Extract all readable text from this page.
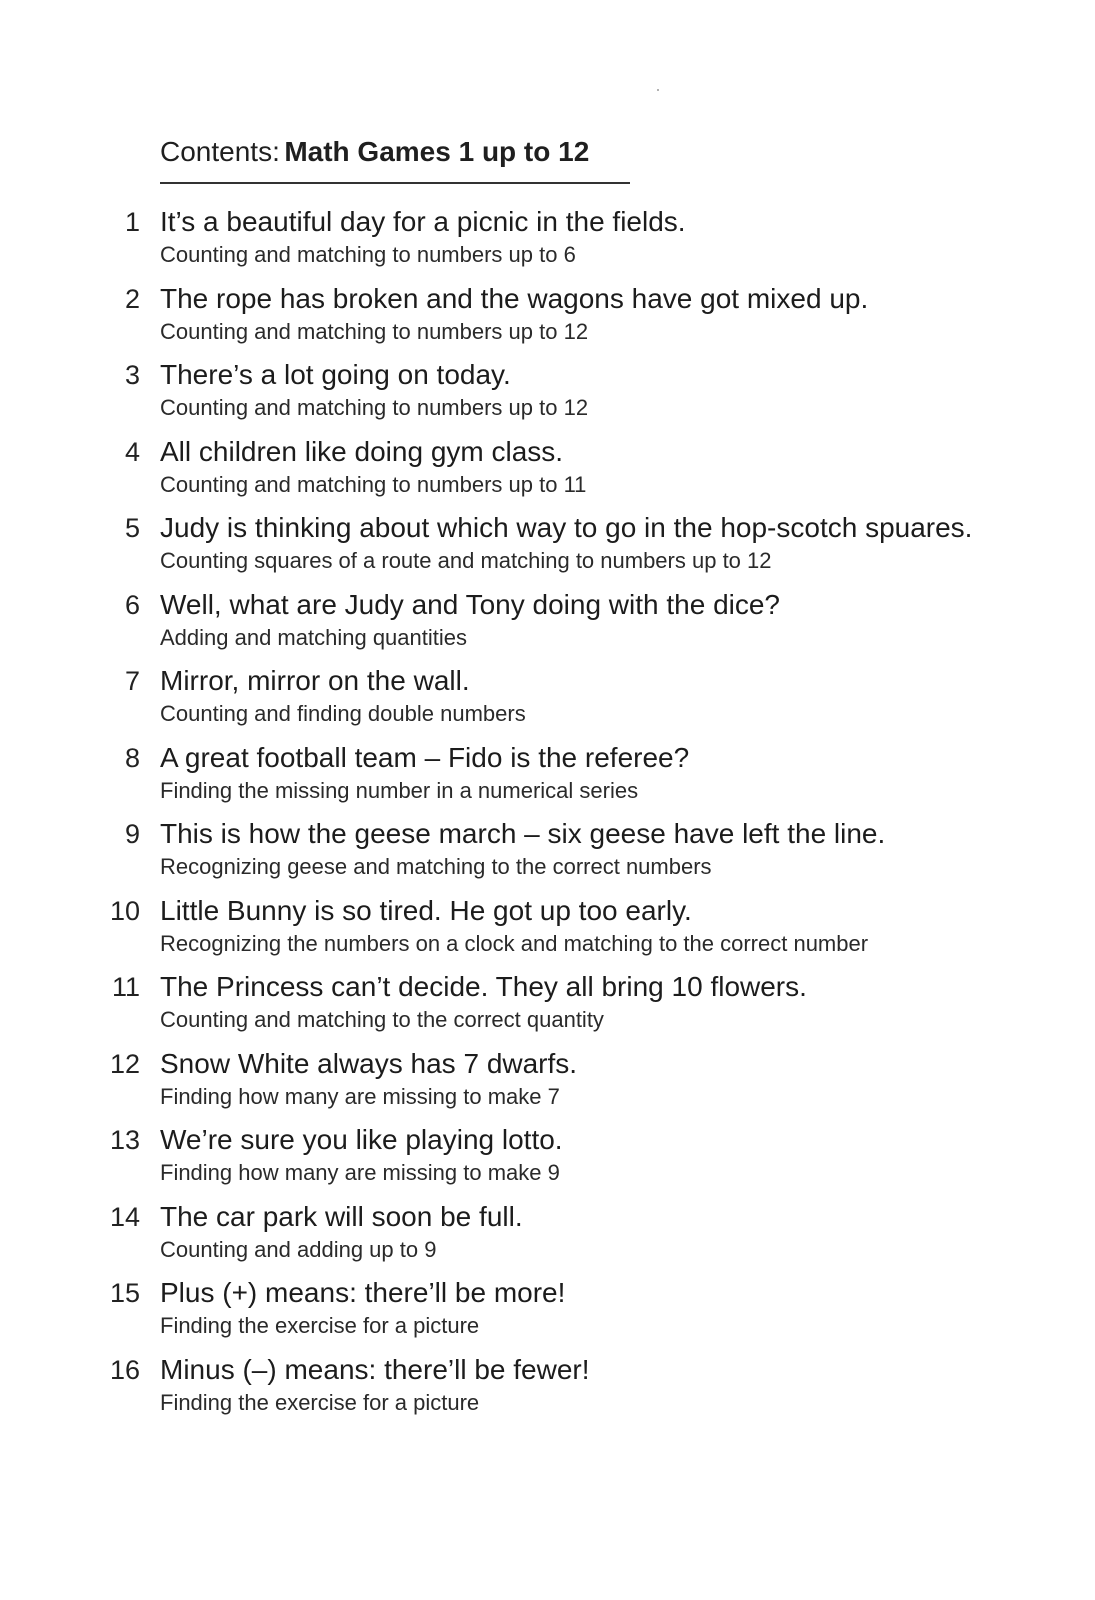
Contents: Math Games 1 up to 12
1 It’s a beautiful day for a picnic in the fields.
Counting and matching to numbers up to 6
2 The rope has broken and the wagons have got mixed up.
Counting and matching to numbers up to 12
3 There’s a lot going on today.
Counting and matching to numbers up to 12
4 All children like doing gym class.
Counting and matching to numbers up to 11
5 Judy is thinking about which way to go in the hop-scotch spuares.
Counting squares of a route and matching to numbers up to 12
6 Well, what are Judy and Tony doing with the dice?
Adding and matching quantities
7 Mirror, mirror on the wall.
Counting and finding double numbers
8 A great football team – Fido is the referee?
Finding the missing number in a numerical series
9 This is how the geese march – six geese have left the line.
Recognizing geese and matching to the correct numbers
10 Little Bunny is so tired. He got up too early.
Recognizing the numbers on a clock and matching to the correct number
11 The Princess can’t decide. They all bring 10 flowers.
Counting and matching to the correct quantity
12 Snow White always has 7 dwarfs.
Finding how many are missing to make 7
13 We’re sure you like playing lotto.
Finding how many are missing to make 9
14 The car park will soon be full.
Counting and adding up to 9
15 Plus (+) means: there’ll be more!
Finding the exercise for a picture
16 Minus (–) means: there’ll be fewer!
Finding the exercise for a picture
